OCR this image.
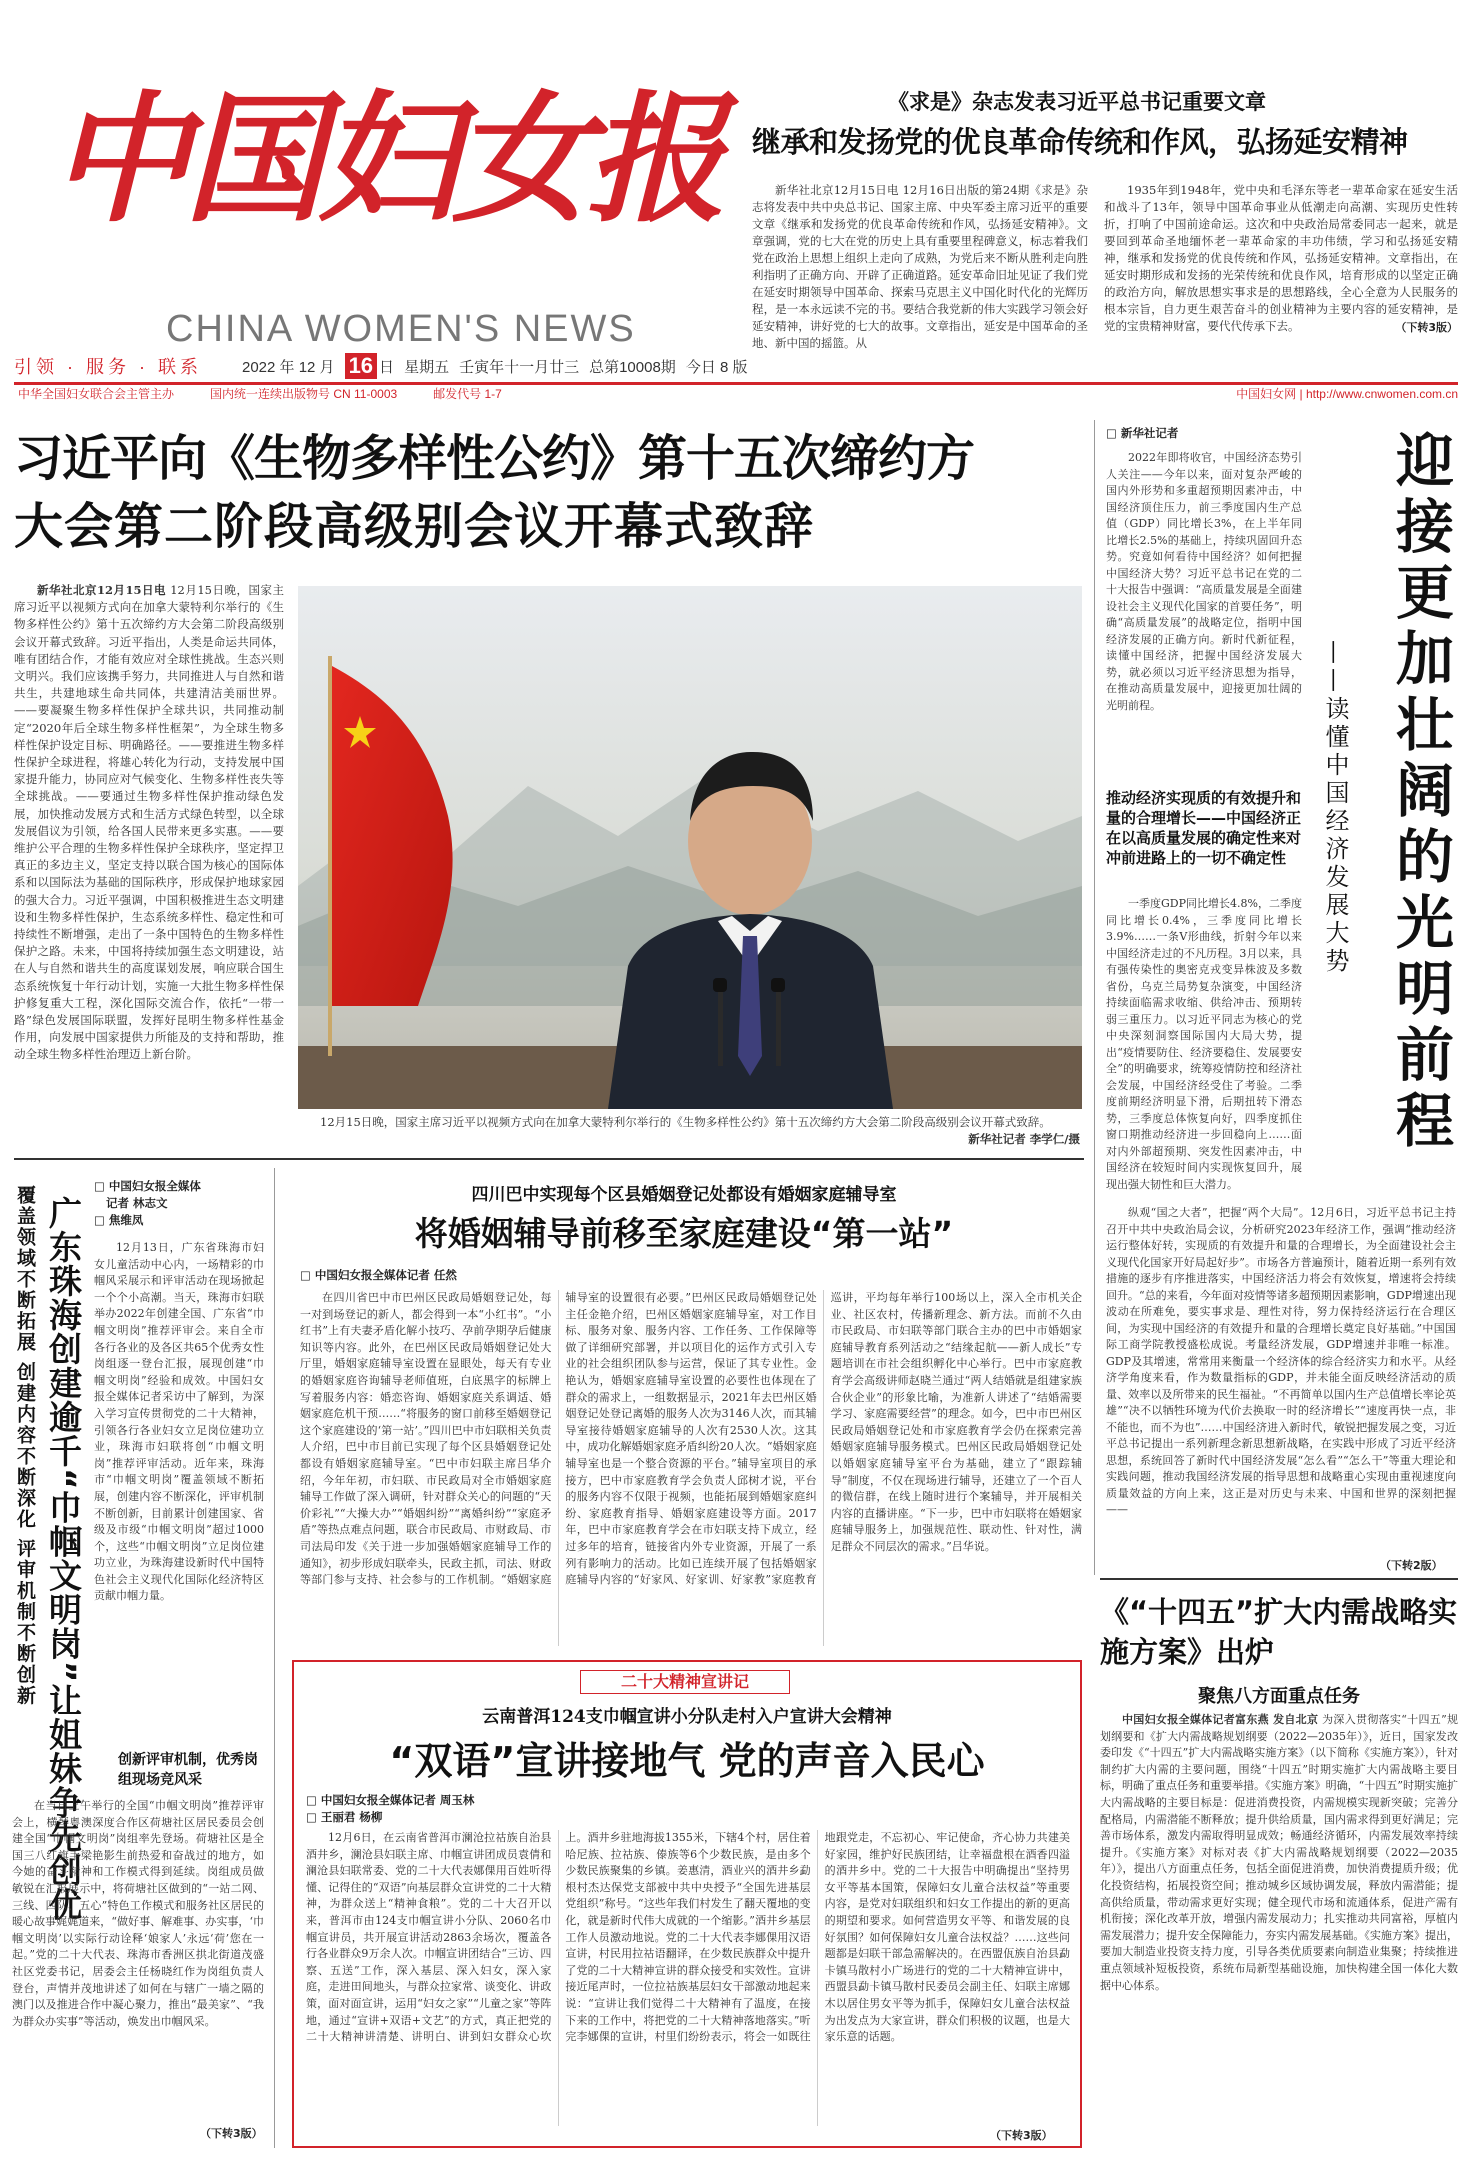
中国妇女报
CHINA WOMEN'S NEWS
《求是》杂志发表习近平总书记重要文章
继承和发扬党的优良革命传统和作风，弘扬延安精神

新华社北京12月15日电 12月16日出版的第24期《求是》杂志将发表中共中央总书记、国家主席、中央军委主席习近平的重要文章《继承和发扬党的优良革命传统和作风，弘扬延安精神》。文章强调，党的七大在党的历史上具有重要里程碑意义，标志着我们党在政治上思想上组织上走向了成熟，为党后来不断从胜利走向胜利指明了正确方向、开辟了正确道路。延安革命旧址见证了我们党在延安时期领导中国革命、探索马克思主义中国化时代化的光辉历程，是一本永远读不完的书。要结合我党新的伟大实践学习领会好延安精神，讲好党的七大的故事。文章指出，延安是中国革命的圣地、新中国的摇篮。从

1935年到1948年，党中央和毛泽东等老一辈革命家在延安生活和战斗了13年，领导中国革命事业从低潮走向高潮、实现历史性转折，打响了中国前途命运。这次和中央政治局常委同志一起来，就是要回到革命圣地缅怀老一辈革命家的丰功伟绩，学习和弘扬延安精神，继承和发扬党的优良传统和作风，弘扬延安精神。文章指出，在延安时期形成和发扬的光荣传统和优良作风，培育形成的以坚定正确的政治方向，解放思想实事求是的思想路线，全心全意为人民服务的根本宗旨，自力更生艰苦奋斗的创业精神为主要内容的延安精神，是党的宝贵精神财富，要代代传承下去。	（下转3版）
引领 · 服务 · 联系	2022 年 12 月 16 日 星期五 壬寅年十一月廿三 总第10008期 今日 8 版
中华全国妇女联合会主管主办	国内统一连续出版物号 CN 11-0003	邮发代号 1-7	中国妇女网 | http://www.cnwomen.com.cn
习近平向《生物多样性公约》第十五次缔约方
大会第二阶段高级别会议开幕式致辞

新华社北京12月15日电 12月15日晚，国家主席习近平以视频方式向在加拿大蒙特利尔举行的《生物多样性公约》第十五次缔约方大会第二阶段高级别会议开幕式致辞。习近平指出，人类是命运共同体，唯有团结合作，才能有效应对全球性挑战。生态兴则文明兴。我们应该携手努力，共同推进人与自然和谐共生，共建地球生命共同体，共建清洁美丽世界。——要凝聚生物多样性保护全球共识，共同推动制定“2020年后全球生物多样性框架”，为全球生物多样性保护设定目标、明确路径。——要推进生物多样性保护全球进程，将雄心转化为行动，支持发展中国家提升能力，协同应对气候变化、生物多样性丧失等全球挑战。——要通过生物多样性保护推动绿色发展，加快推动发展方式和生活方式绿色转型，以全球发展倡议为引领，给各国人民带来更多实惠。——要维护公平合理的生物多样性保护全球秩序，坚定捍卫真正的多边主义，坚定支持以联合国为核心的国际体系和以国际法为基础的国际秩序，形成保护地球家园的强大合力。习近平强调，中国积极推进生态文明建设和生物多样性保护，生态系统多样性、稳定性和可持续性不断增强，走出了一条中国特色的生物多样性保护之路。未来，中国将持续加强生态文明建设，站在人与自然和谐共生的高度谋划发展，响应联合国生态系统恢复十年行动计划，实施一大批生物多样性保护修复重大工程，深化国际交流合作，依托“一带一路”绿色发展国际联盟，发挥好昆明生物多样性基金作用，向发展中国家提供力所能及的支持和帮助，推动全球生物多样性治理迈上新台阶。

12月15日晚，国家主席习近平以视频方式向在加拿大蒙特利尔举行的《生物多样性公约》第十五次缔约方大会第二阶段高级别会议开幕式致辞。
新华社记者 李学仁/摄
□ 新华社记者

2022年即将收官，中国经济态势引人关注——今年以来，面对复杂严峻的国内外形势和多重超预期因素冲击，中国经济顶住压力，前三季度国内生产总值（GDP）同比增长3%，在上半年同比增长2.5%的基础上，持续巩固回升态势。究竟如何看待中国经济？如何把握中国经济大势？习近平总书记在党的二十大报告中强调：“高质量发展是全面建设社会主义现代化国家的首要任务”，明确“高质量发展”的战略定位，指明中国经济发展的正确方向。新时代新征程，读懂中国经济，把握中国经济发展大势，就必须以习近平经济思想为指导，在推动高质量发展中，迎接更加壮阔的光明前程。

推动经济实现质的有效提升和量的合理增长——中国经济正在以高质量发展的确定性来对冲前进路上的一切不确定性

一季度GDP同比增长4.8%，二季度同比增长0.4%，三季度同比增长3.9%……一条V形曲线，折射今年以来中国经济走过的不凡历程。3月以来，具有强传染性的奥密克戎变异株波及多数省份，乌克兰局势复杂演变，中国经济持续面临需求收缩、供给冲击、预期转弱三重压力。以习近平同志为核心的党中央深刻洞察国际国内大局大势，提出“疫情要防住、经济要稳住、发展要安全”的明确要求，统筹疫情防控和经济社会发展，中国经济经受住了考验。二季度前期经济明显下滑，后期扭转下滑态势，三季度总体恢复向好，四季度抓住窗口期推动经济进一步回稳向上……面对内外部超预期、突发性因素冲击，中国经济在较短时间内实现恢复回升，展现出强大韧性和巨大潜力。

迎接更加壮阔的光明前程
——读懂中国经济发展大势

纵观“国之大者”，把握“两个大局”。12月6日，习近平总书记主持召开中共中央政治局会议，分析研究2023年经济工作，强调“推动经济运行整体好转，实现质的有效提升和量的合理增长，为全面建设社会主义现代化国家开好局起好步”。市场各方普遍预计，随着近期一系列有效措施的逐步有序推进落实，中国经济活力将会有效恢复，增速将会持续回升。“总的来看，今年面对疫情等诸多超预期因素影响，GDP增速出现波动在所难免，要实事求是、理性对待，努力保持经济运行在合理区间，为实现中国经济的有效提升和量的合理增长奠定良好基础。”中国国际工商学院教授盛松成说。考量经济发展，GDP增速并非唯一标准。GDP及其增速，常常用来衡量一个经济体的综合经济实力和水平。从经济学角度来看，作为数量指标的GDP，并未能全面反映经济活动的质量、效率以及所带来的民生福祉。“不再简单以国内生产总值增长率论英雄”“决不以牺牲环境为代价去换取一时的经济增长”“速度再快一点，非不能也，而不为也”……中国经济进入新时代，敏锐把握发展之变，习近平总书记提出一系列新理念新思想新战略，在实践中形成了习近平经济思想，系统回答了新时代中国经济发展“怎么看”“怎么干”等重大理论和实践问题，推动我国经济发展的指导思想和战略重心实现由重视速度向质量效益的方向上来，这正是对历史与未来、中国和世界的深刻把握——

（下转2版）
覆盖领域不断拓展 创建内容不断深化 评审机制不断创新 广东珠海创建逾千“巾帼文明岗”让姐妹争先创优
□ 中国妇女报全媒体
记者 林志文
□ 焦维凤

12月13日，广东省珠海市妇女儿童活动中心内，一场精彩的巾帼风采展示和评审活动在现场掀起一个个小高潮。当天，珠海市妇联举办2022年创建全国、广东省“巾帼文明岗”推荐评审会。来自全市各行各业的及各区共65个优秀女性岗组逐一登台汇报，展现创建“巾帼文明岗”经验和成效。中国妇女报全媒体记者采访中了解到，为深入学习宣传贯彻党的二十大精神，引领各行各业妇女立足岗位建功立业，珠海市妇联将创“巾帼文明岗”推荐评审活动。近年来，珠海市“巾帼文明岗”覆盖领域不断拓展，创建内容不断深化，评审机制不断创新，目前累计创建国家、省级及市级“巾帼文明岗”超过1000个，这些“巾帼文明岗”立足岗位建功立业，为珠海建设新时代中国特色社会主义现代化国际化经济特区贡献巾帼力量。

创新评审机制，优秀岗组现场竞风采

在当日上午举行的全国“巾帼文明岗”推荐评审会上，横琴粤澳深度合作区荷塘社区居民委员会创建全国“巾帼文明岗”岗组率先登场。荷塘社区是全国三八红旗手梁艳影生前热爱和奋战过的地方，如今她的奋斗精神和工作模式得到延续。岗组成员做敏锐在汇报展示中，将荷塘社区做到的“一站二网、三线、四队、五心”特色工作模式和服务社区居民的暖心故事娓娓道来，“做好事、解难事、办实事，‘巾帼文明岗’以实际行动诠释‘娘家人’永远‘荷’您在一起。”党的二十大代表、珠海市香洲区拱北街道茂盛社区党委书记，居委会主任杨晓红作为岗组负责人登台，声情并茂地讲述了如何在与辖广一墙之隔的澳门以及推进合作中凝心聚力，推出“最美家”、“我为群众办实事”等活动，焕发出巾帼风采。

（下转3版）
四川巴中实现每个区县婚姻登记处都设有婚姻家庭辅导室
将婚姻辅导前移至家庭建设“第一站”
□ 中国妇女报全媒体记者 任然

在四川省巴中市巴州区民政局婚姻登记处，每一对到场登记的新人，都会得到一本“小红书”。“小红书”上有夫妻矛盾化解小技巧、孕前孕期孕后健康知识等内容。此外，在巴州区民政局婚姻登记处大厅里，婚姻家庭辅导室设置在显眼处，每天有专业的婚姻家庭咨询辅导老师值班，白底黑字的标牌上写着服务内容：婚恋咨询、婚姻家庭关系调适、婚姻家庭危机干预……“将服务的窗口前移至婚姻登记这个家庭建设的‘第一站’。”四川巴中市妇联相关负责人介绍，巴中市目前已实现了每个区县婚姻登记处都设有婚姻家庭辅导室。“巴中市妇联主席吕华介绍，今年年初，市妇联、市民政局对全市婚姻家庭辅导工作做了深入调研，针对群众关心的问题的“天价彩礼”“大操大办”“婚姻纠纷”“离婚纠纷”“家庭矛盾”等热点难点问题，联合市民政局、市财政局、市司法局印发《关于进一步加强婚姻家庭辅导工作的通知》，初步形成妇联牵头，民政主抓，司法、财政等部门参与支持、社会参与的工作机制。“婚姻家庭辅导室的设置很有必要。”巴州区民政局婚姻登记处主任金艳介绍，巴州区婚姻家庭辅导室，对工作目标、服务对象、服务内容、工作任务、工作保障等做了详细研究部署，并以项目化的运作方式引入专业的社会组织团队参与运营，保证了其专业性。金艳认为，婚姻家庭辅导室设置的必要性也体现在了群众的需求上，一组数据显示，2021年去巴州区婚姻登记处登记离婚的服务人次为3146人次，而其辅导室接待婚姻家庭辅导的人次有2530人次。这其中，成功化解婚姻家庭矛盾纠纷20人次。“婚姻家庭辅导室也是一个整合资源的平台。”辅导室项目的承接方，巴中市家庭教育学会负责人邱树才说，平台的服务内容不仅限于视频，也能拓展到婚姻家庭纠纷、家庭教育指导、婚姻家庭建设等方面。2017年，巴中市家庭教育学会在市妇联支持下成立，经过多年的培育，链接省内外专业资源，开展了一系列有影响力的活动。比如已连续开展了包括婚姻家庭辅导内容的“好家风、好家训、好家教”家庭教育巡讲，平均每年举行100场以上，深入全市机关企业、社区农村，传播新理念、新方法。而前不久由市民政局、市妇联等部门联合主办的巴中市婚姻家庭辅导教育系列活动之“结缘起航——新人成长”专题培训在市社会组织孵化中心举行。巴中市家庭教育学会高级讲师赵晓兰通过“两人结婚就是组建家族合伙企业”的形象比喻，为准新人讲述了“结婚需要学习、家庭需要经营”的理念。如今，巴中市巴州区民政局婚姻登记处和市家庭教育学会仍在探索完善婚姻家庭辅导服务模式。巴州区民政局婚姻登记处以婚姻家庭辅导室平台为基础，建立了“跟踪辅导”制度，不仅在现场进行辅导，还建立了一个百人的微信群，在线上随时进行个案辅导，并开展相关内容的直播讲座。“下一步，巴中市妇联将在婚姻家庭辅导服务上，加强规范性、联动性、针对性，满足群众不同层次的需求。”吕华说。

二十大精神宣讲记
云南普洱124支巾帼宣讲小分队走村入户宣讲大会精神
“双语”宣讲接地气 党的声音入民心
□ 中国妇女报全媒体记者 周玉林
□ 王丽君 杨柳

12月6日，在云南省普洱市澜沧拉祜族自治县酒井乡，澜沧县妇联主席、巾帼宣讲团成员袁倩和澜沧县妇联常委、党的二十大代表娜倮用百姓听得懂、记得住的“双语”向基层群众宣讲党的二十大精神，为群众送上“精神食粮”。党的二十大召开以来，普洱市由124支巾帼宣讲小分队、2060名巾帼宣讲员，共开展宣讲活动2863余场次，覆盖各行各业群众9万余人次。巾帼宣讲团结合“三访、四察、五送”工作，深入基层、深入妇女，深入家庭，走进田间地头，与群众拉家常、谈变化、讲政策，面对面宣讲，运用“妇女之家”“儿童之家”等阵地，通过“宣讲+双语+文艺”的方式，真正把党的二十大精神讲清楚、讲明白、讲到妇女群众心坎上。酒井乡驻地海拔1355米，下辖4个村，居住着哈尼族、拉祜族、傣族等6个少数民族，是由多个少数民族聚集的乡镇。姜惠清，酒业兴的酒井乡勐根村杰达保党支部被中共中央授予“全国先进基层党组织”称号。“这些年我们村发生了翻天覆地的变化，就是新时代伟大成就的一个缩影。”酒井乡基层工作人员激动地说。党的二十大代表李娜倮用汉语宣讲，村民用拉祜语翻译，在少数民族群众中提升了党的二十大精神宣讲的群众接受和实效性。宣讲接近尾声时，一位拉祜族基层妇女干部激动地起来说：“宣讲让我们觉得二十大精神有了温度，在接下来的工作中，将把党的二十大精神落地落实。”听完李娜倮的宣讲，村里们纷纷表示，将会一如既往地跟党走，不忘初心、牢记使命，齐心协力共建美好家园，维护好民族团结，让幸福盘根在酒香四溢的酒井乡中。党的二十大报告中明确提出“坚持男女平等基本国策，保障妇女儿童合法权益”等重要内容，是党对妇联组织和妇女工作提出的新的更高的期望和要求。如何营造男女平等、和谐发展的良好氛围？如何保障妇女儿童合法权益？……这些问题都是妇联干部急需解决的。在西盟佤族自治县勐卡镇马散村小广场进行的党的二十大精神宣讲中，西盟县勐卡镇马散村民委员会副主任、妇联主席娜木以居住男女平等为抓手，保障妇女儿童合法权益为出发点为大家宣讲，群众们积极的议题，也是大家乐意的话题。

（下转3版）
《“十四五”扩大内需战略实施方案》出炉
聚焦八方面重点任务

中国妇女报全媒体记者富东燕 发自北京 为深入贯彻落实“十四五”规划纲要和《扩大内需战略规划纲要（2022—2035年）》，近日，国家发改委印发《“十四五”扩大内需战略实施方案》（以下简称《实施方案》），针对制约扩大内需的主要问题，围绕“十四五”时期实施扩大内需战略主要目标，明确了重点任务和重要举措。《实施方案》明确，“十四五”时期实施扩大内需战略的主要目标是：促进消费投资，内需规模实现新突破；完善分配格局，内需潜能不断释放；提升供给质量，国内需求得到更好满足；完善市场体系，激发内需取得明显成效；畅通经济循环，内需发展效率持续提升。《实施方案》对标对表《扩大内需战略规划纲要（2022—2035年）》，提出八方面重点任务，包括全面促进消费，加快消费提质升级；优化投资结构，拓展投资空间；推动城乡区域协调发展，释放内需潜能；提高供给质量，带动需求更好实现；健全现代市场和流通体系，促进产需有机衔接；深化改革开放，增强内需发展动力；扎实推动共同富裕，厚植内需发展潜力；提升安全保障能力，夯实内需发展基础。《实施方案》提出，要加大制造业投资支持力度，引导各类优质要素向制造业集聚；持续推进重点领域补短板投资，系统布局新型基础设施，加快构建全国一体化大数据中心体系。
